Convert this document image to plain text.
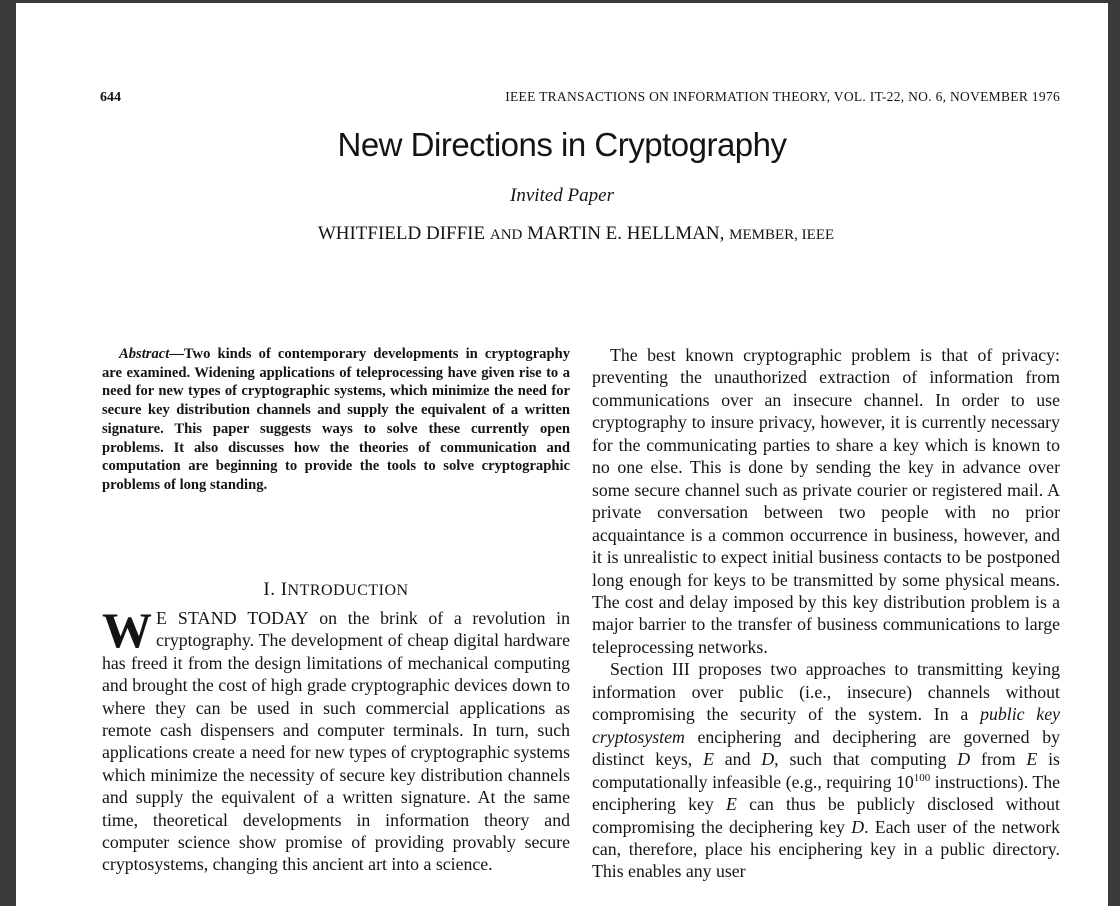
644	IEEE TRANSACTIONS ON INFORMATION THEORY, VOL. IT-22, NO. 6, NOVEMBER 1976
New Directions in Cryptography
Invited Paper
WHITFIELD DIFFIE AND MARTIN E. HELLMAN, MEMBER, IEEE
Abstract—Two kinds of contemporary developments in cryptography are examined. Widening applications of teleprocessing have given rise to a need for new types of cryptographic systems, which minimize the need for secure key distribution channels and supply the equivalent of a written signature. This paper suggests ways to solve these currently open problems. It also discusses how the theories of communication and computation are beginning to provide the tools to solve cryptographic problems of long standing.
I. INTRODUCTION
W E STAND TODAY on the brink of a revolution in cryptography. The development of cheap digital hardware has freed it from the design limitations of mechanical computing and brought the cost of high grade cryptographic devices down to where they can be used in such commercial applications as remote cash dispensers and computer terminals. In turn, such applications create a need for new types of cryptographic systems which minimize the necessity of secure key distribution channels and supply the equivalent of a written signature. At the same time, theoretical developments in information theory and computer science show promise of providing provably secure cryptosystems, changing this ancient art into a science.

The best known cryptographic problem is that of privacy: preventing the unauthorized extraction of information from communications over an insecure channel. In order to use cryptography to insure privacy, however, it is currently necessary for the communicating parties to share a key which is known to no one else. This is done by sending the key in advance over some secure channel such as private courier or registered mail. A private conversation between two people with no prior acquaintance is a common occurrence in business, however, and it is unrealistic to expect initial business contacts to be postponed long enough for keys to be transmitted by some physical means. The cost and delay imposed by this key distribution problem is a major barrier to the transfer of business communications to large teleprocessing networks.

Section III proposes two approaches to transmitting keying information over public (i.e., insecure) channels without compromising the security of the system. In a public key cryptosystem enciphering and deciphering are governed by distinct keys, E and D, such that computing D from E is computationally infeasible (e.g., requiring $10^{100}$ instructions). The enciphering key E can thus be publicly disclosed without compromising the deciphering key D. Each user of the network can, therefore, place his enciphering key in a public directory. This enables any user
